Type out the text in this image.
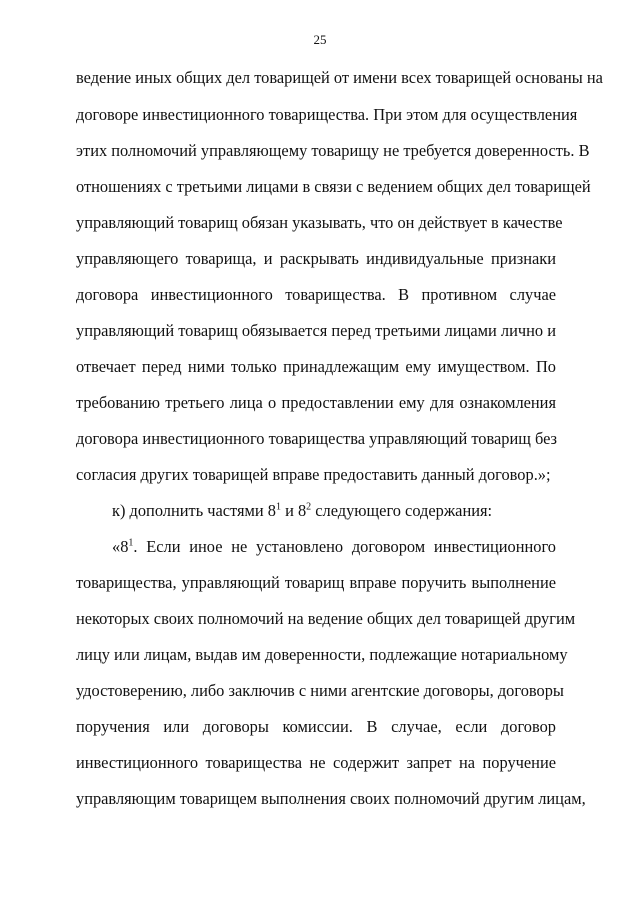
25
ведение иных общих дел товарищей от имени всех товарищей основаны на
договоре инвестиционного товарищества. При этом для осуществления
этих полномочий управляющему товарищу не требуется доверенность. В
отношениях с третьими лицами в связи с ведением общих дел товарищей
управляющий товарищ обязан указывать, что он действует в качестве
управляющего товарища, и раскрывать индивидуальные признаки
договора инвестиционного товарищества. В противном случае
управляющий товарищ обязывается перед третьими лицами лично и
отвечает перед ними только принадлежащим ему имуществом. По
требованию третьего лица о предоставлении ему для ознакомления
договора инвестиционного товарищества управляющий товарищ без
согласия других товарищей вправе предоставить данный договор.»;
к) дополнить частями $8^1$ и $8^2$ следующего содержания:
«$8^1$. Если иное не установлено договором инвестиционного
товарищества, управляющий товарищ вправе поручить выполнение
некоторых своих полномочий на ведение общих дел товарищей другим
лицу или лицам, выдав им доверенности, подлежащие нотариальному
удостоверению, либо заключив с ними агентские договоры, договоры
поручения или договоры комиссии. В случае, если договор
инвестиционного товарищества не содержит запрет на поручение
управляющим товарищем выполнения своих полномочий другим лицам,
